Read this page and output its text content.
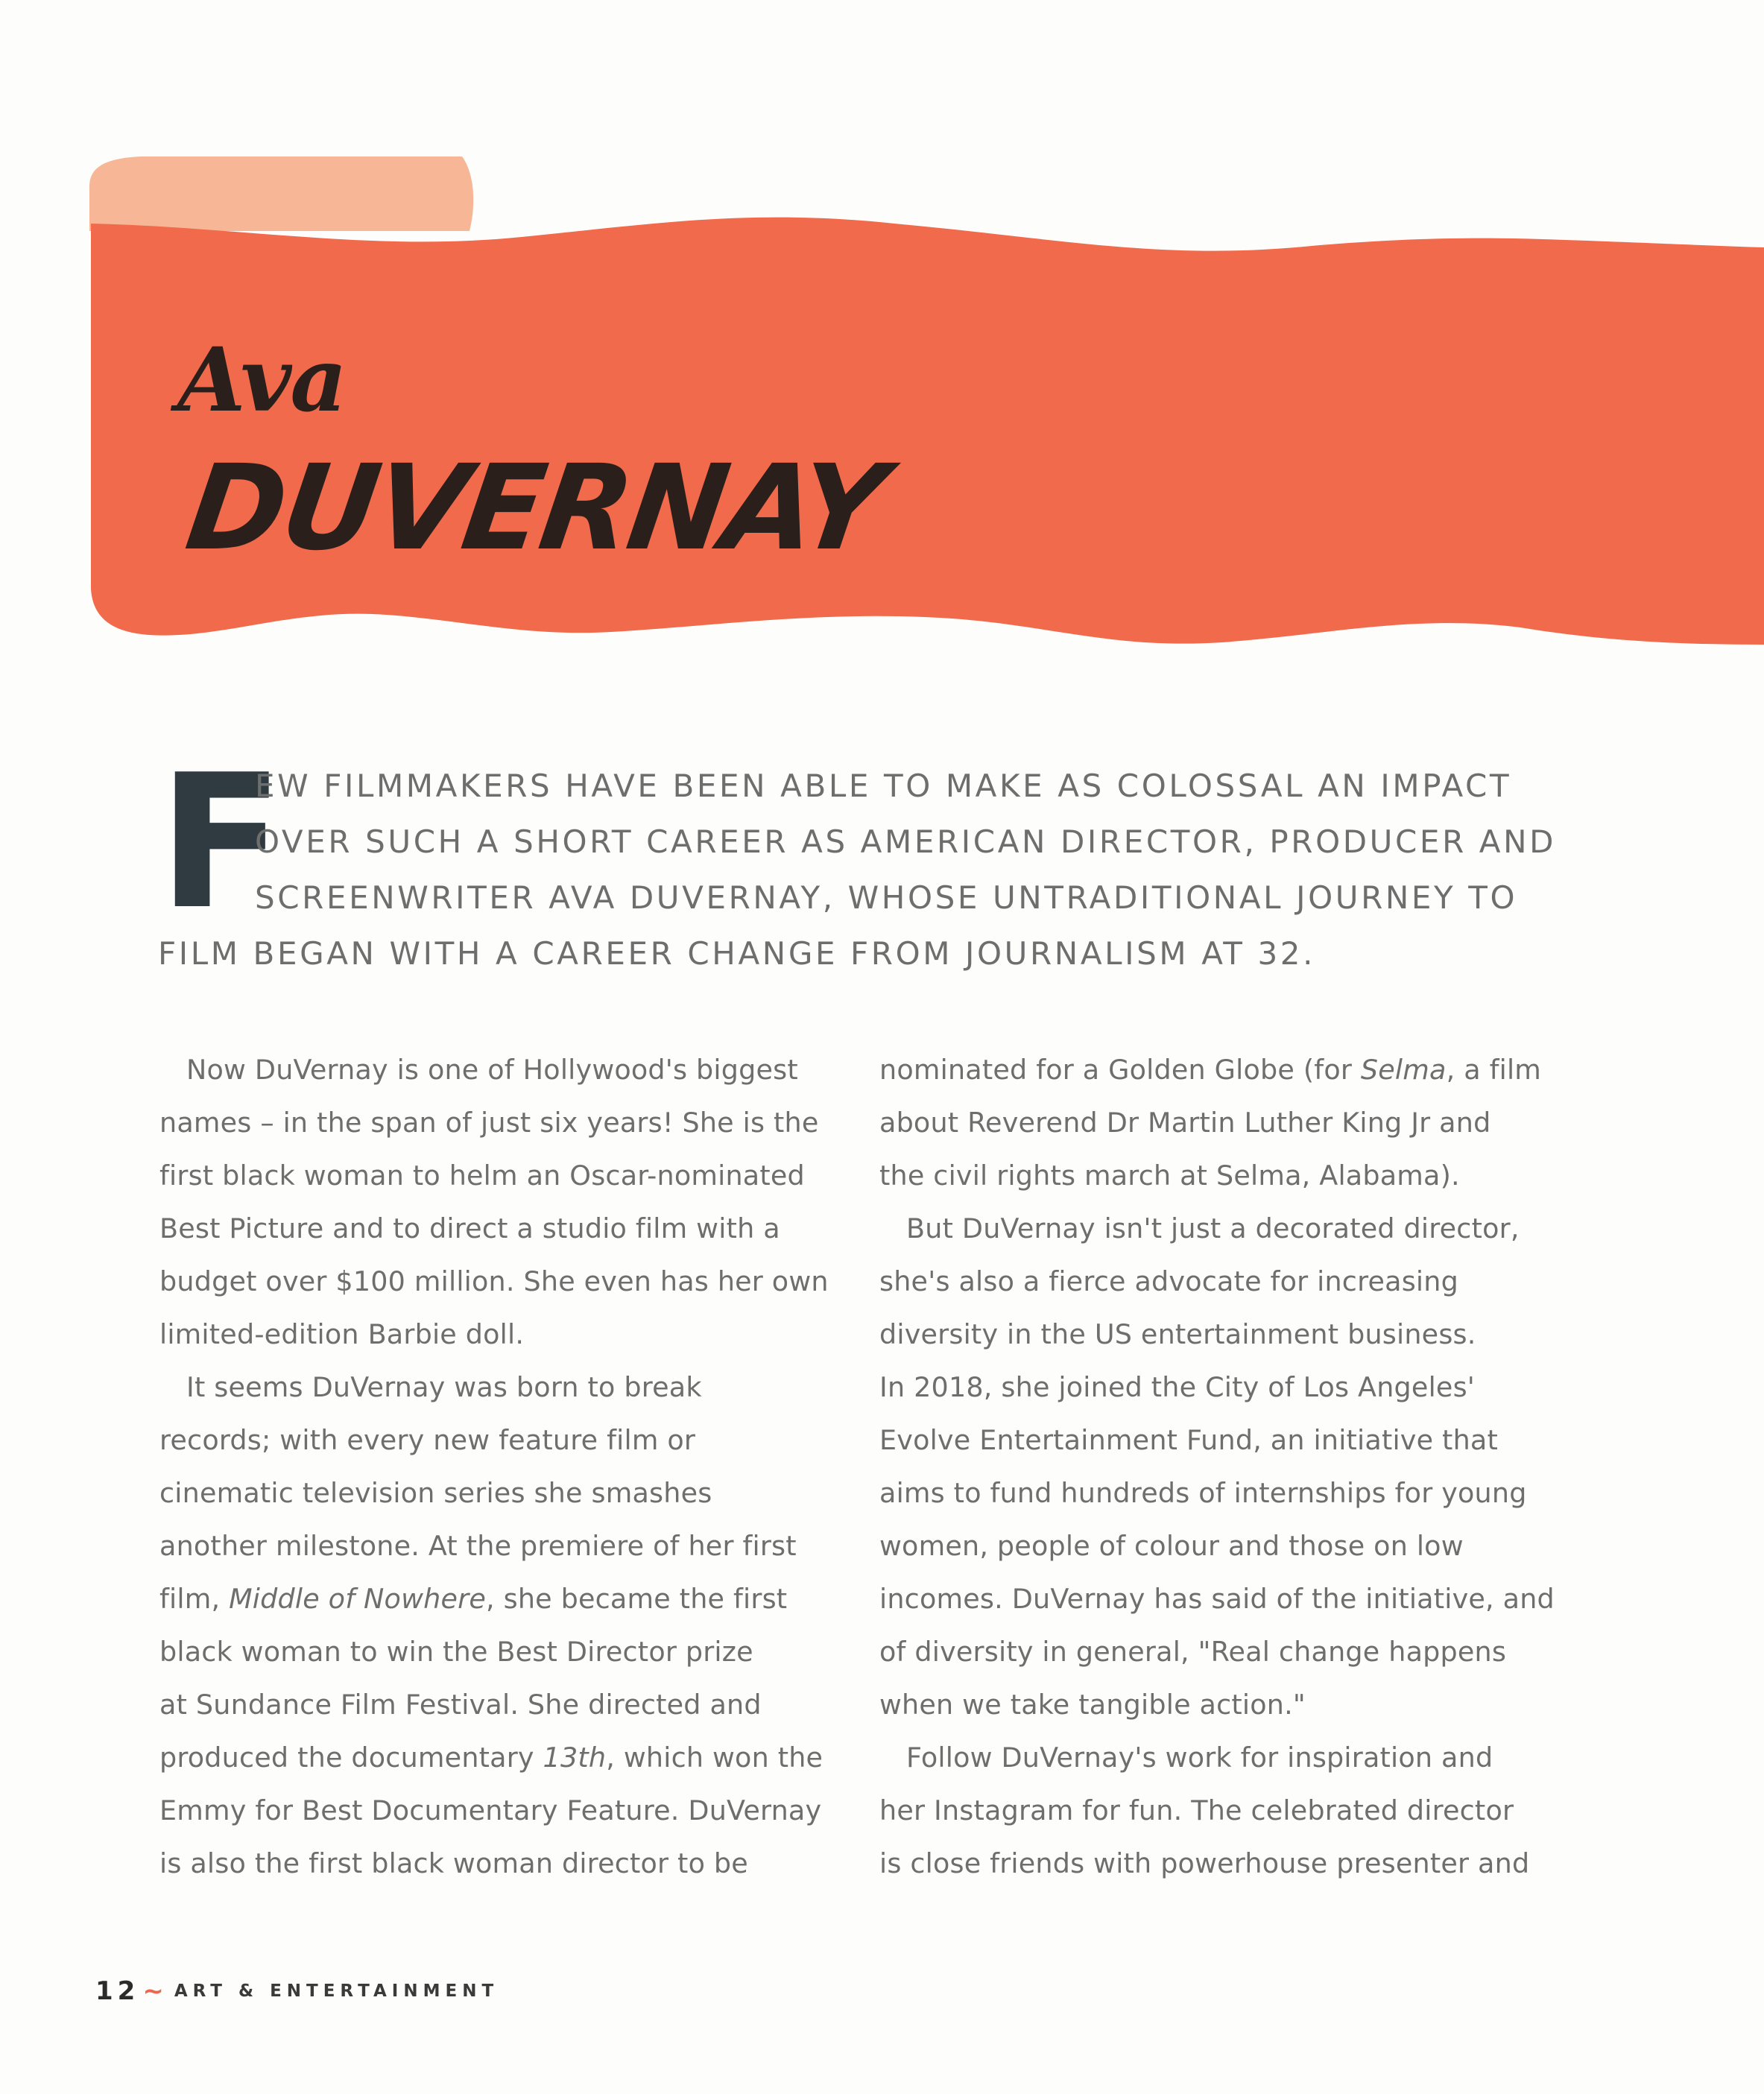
Ava
DUVERNAY
F
EW FILMMAKERS HAVE BEEN ABLE TO MAKE AS COLOSSAL AN IMPACT
OVER SUCH A SHORT CAREER AS AMERICAN DIRECTOR, PRODUCER AND
SCREENWRITER AVA DUVERNAY, WHOSE UNTRADITIONAL JOURNEY TO
FILM BEGAN WITH A CAREER CHANGE FROM JOURNALISM AT 32.

Now DuVernay is one of Hollywood's biggest
names – in the span of just six years! She is the
first black woman to helm an Oscar-nominated
Best Picture and to direct a studio film with a
budget over $100 million. She even has her own
limited-edition Barbie doll.

It seems DuVernay was born to break
records; with every new feature film or
cinematic television series she smashes
another milestone. At the premiere of her first
film, Middle of Nowhere, she became the first
black woman to win the Best Director prize
at Sundance Film Festival. She directed and
produced the documentary 13th, which won the
Emmy for Best Documentary Feature. DuVernay
is also the first black woman director to be

nominated for a Golden Globe (for Selma, a film
about Reverend Dr Martin Luther King Jr and
the civil rights march at Selma, Alabama).

But DuVernay isn't just a decorated director,
she's also a fierce advocate for increasing
diversity in the US entertainment business.
In 2018, she joined the City of Los Angeles'
Evolve Entertainment Fund, an initiative that
aims to fund hundreds of internships for young
women, people of colour and those on low
incomes. DuVernay has said of the initiative, and
of diversity in general, "Real change happens
when we take tangible action."

Follow DuVernay's work for inspiration and
her Instagram for fun. The celebrated director
is close friends with powerhouse presenter and

12 ~ ART & ENTERTAINMENT
